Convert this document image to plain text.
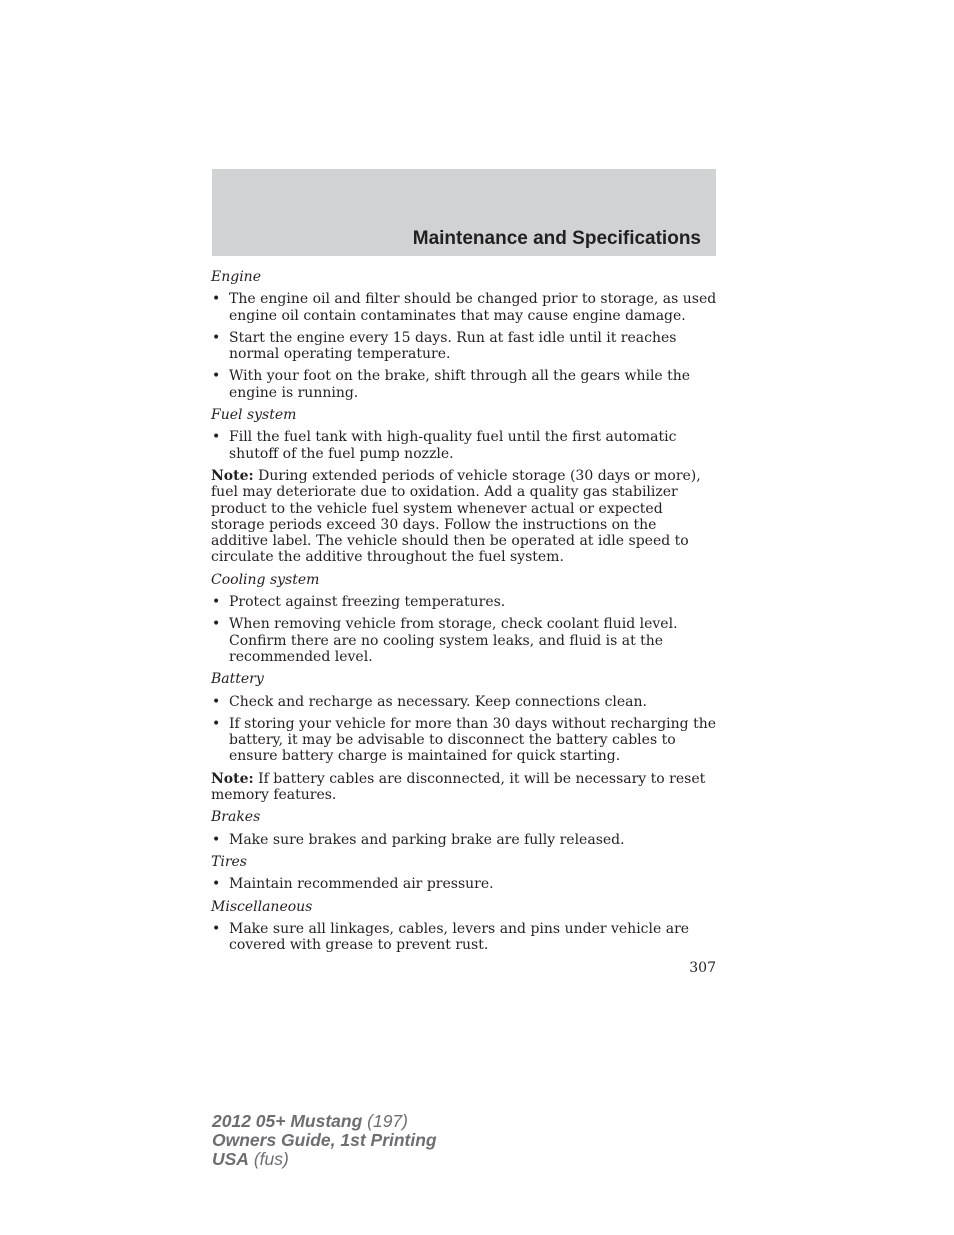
Maintenance and Specifications
Engine
• The engine oil and filter should be changed prior to storage, as used engine oil contain contaminates that may cause engine damage.
• Start the engine every 15 days. Run at fast idle until it reaches normal operating temperature.
• With your foot on the brake, shift through all the gears while the engine is running.
Fuel system
• Fill the fuel tank with high-quality fuel until the first automatic shutoff of the fuel pump nozzle.
Note: During extended periods of vehicle storage (30 days or more), fuel may deteriorate due to oxidation. Add a quality gas stabilizer product to the vehicle fuel system whenever actual or expected storage periods exceed 30 days. Follow the instructions on the additive label. The vehicle should then be operated at idle speed to circulate the additive throughout the fuel system.
Cooling system
• Protect against freezing temperatures.
• When removing vehicle from storage, check coolant fluid level. Confirm there are no cooling system leaks, and fluid is at the recommended level.
Battery
• Check and recharge as necessary. Keep connections clean.
• If storing your vehicle for more than 30 days without recharging the battery, it may be advisable to disconnect the battery cables to ensure battery charge is maintained for quick starting.
Note: If battery cables are disconnected, it will be necessary to reset memory features.
Brakes
• Make sure brakes and parking brake are fully released.
Tires
• Maintain recommended air pressure.
Miscellaneous
• Make sure all linkages, cables, levers and pins under vehicle are covered with grease to prevent rust.
307
2012 05+ Mustang (197)
Owners Guide, 1st Printing
USA (fus)
